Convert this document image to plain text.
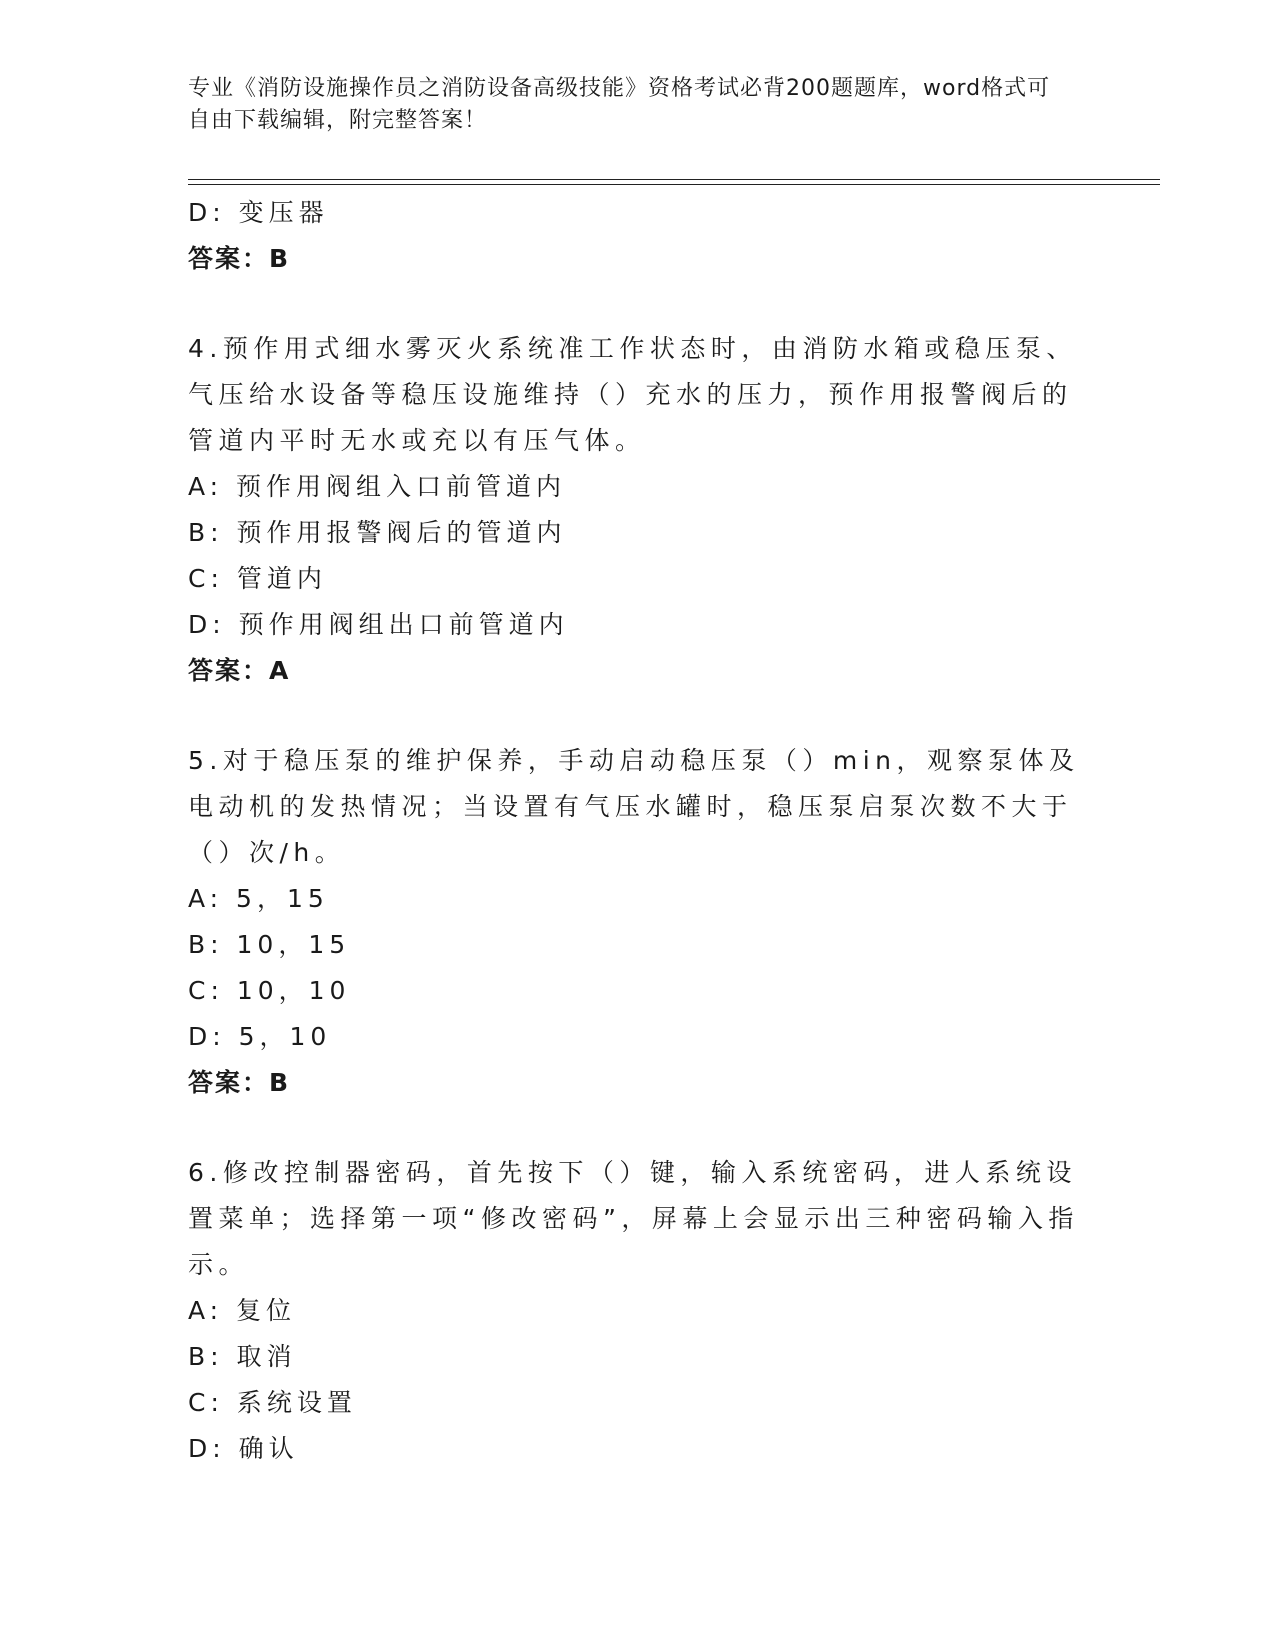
专业《消防设施操作员之消防设备高级技能》资格考试必背200题题库，word格式可自由下载编辑，附完整答案！
D: 变压器
答案：B
4.预作用式细水雾灭火系统准工作状态时，由消防水箱或稳压泵、气压给水设备等稳压设施维持（）充水的压力，预作用报警阀后的管道内平时无水或充以有压气体。
A: 预作用阀组入口前管道内
B: 预作用报警阀后的管道内
C: 管道内
D: 预作用阀组出口前管道内
答案：A
5.对于稳压泵的维护保养，手动启动稳压泵（）min，观察泵体及电动机的发热情况；当设置有气压水罐时，稳压泵启泵次数不大于（）次/h。
A: 5，15
B: 10，15
C: 10，10
D: 5，10
答案：B
6.修改控制器密码，首先按下（）键，输入系统密码，进人系统设置菜单；选择第一项“修改密码”，屏幕上会显示出三种密码输入指示。
A: 复位
B: 取消
C: 系统设置
D: 确认
